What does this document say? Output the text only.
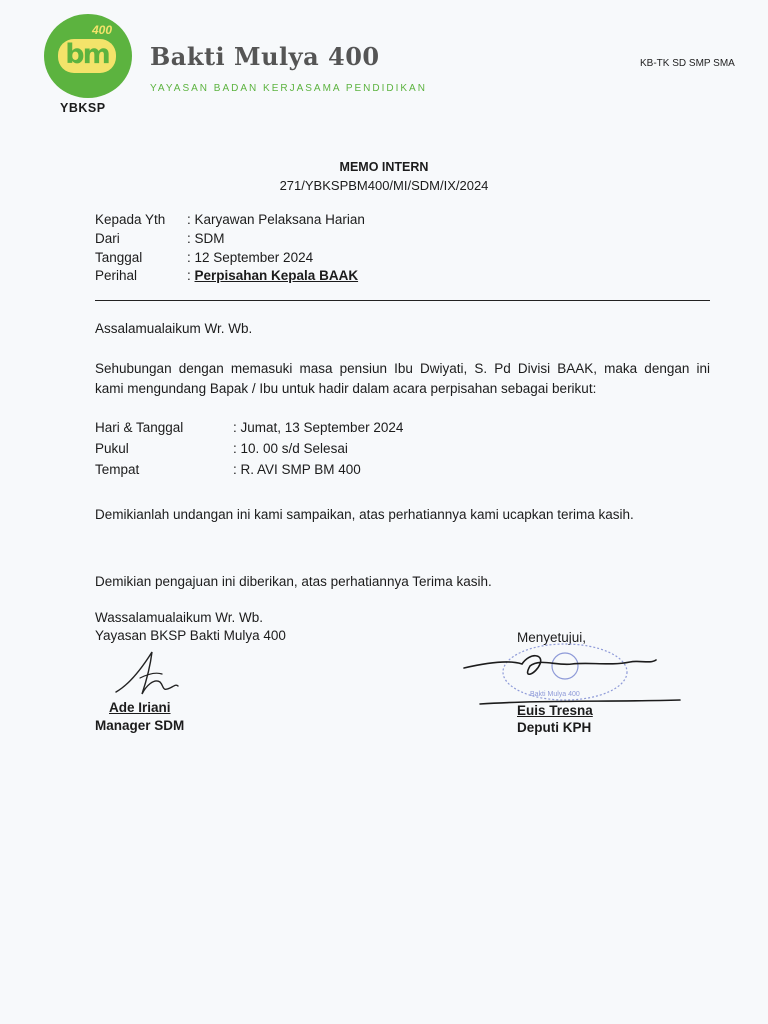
bm
400
YBKSP
Bakti Mulya 400
YAYASAN BADAN KERJASAMA PENDIDIKAN
KB-TK SD SMP SMA
MEMO INTERN
271/YBKSPBM400/MI/SDM/IX/2024
Kepada Yth : Karyawan Pelaksana Harian
Dari	: SDM
Tanggal	: 12 September 2024
Perihal	: Perpisahan Kepala BAAK
Assalamualaikum Wr. Wb.
Sehubungan dengan memasuki masa pensiun Ibu Dwiyati, S. Pd Divisi BAAK, maka dengan ini
kami mengundang Bapak / Ibu untuk hadir dalam acara perpisahan sebagai berikut:
Hari & Tanggal	: Jumat, 13 September 2024
Pukul	: 10. 00 s/d Selesai
Tempat	: R. AVI SMP BM 400
Demikianlah undangan ini kami sampaikan, atas perhatiannya kami ucapkan terima kasih.
Demikian pengajuan ini diberikan, atas perhatiannya Terima kasih.
Wassalamualaikum Wr. Wb.
Yayasan BKSP Bakti Mulya 400
Ade Iriani
Manager SDM
Menyetujui,
Bakti Mulya 400
Euis Tresna
Deputi KPH
